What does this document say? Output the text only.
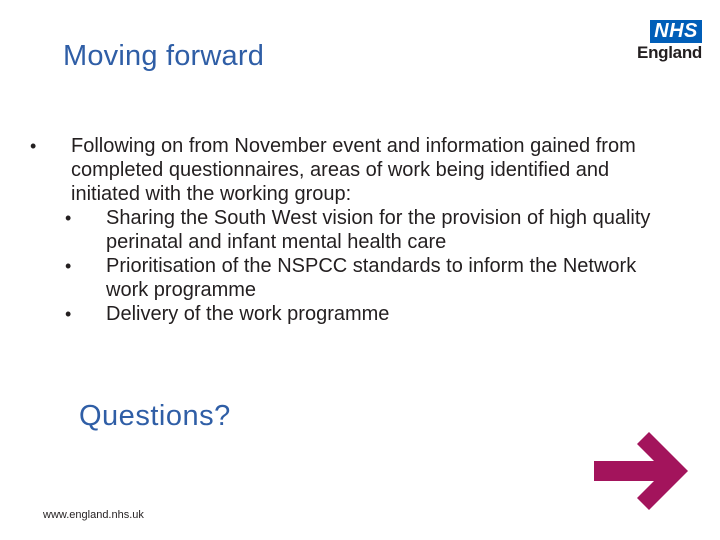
Moving forward
NHS
England
• Following on from November event and information gained from completed questionnaires, areas of work being identified and initiated with the working group:
• Sharing the South West vision for the provision of high quality perinatal and infant mental health care
• Prioritisation of the NSPCC standards to inform the Network work programme
• Delivery of the work programme
Questions?
www.england.nhs.uk
